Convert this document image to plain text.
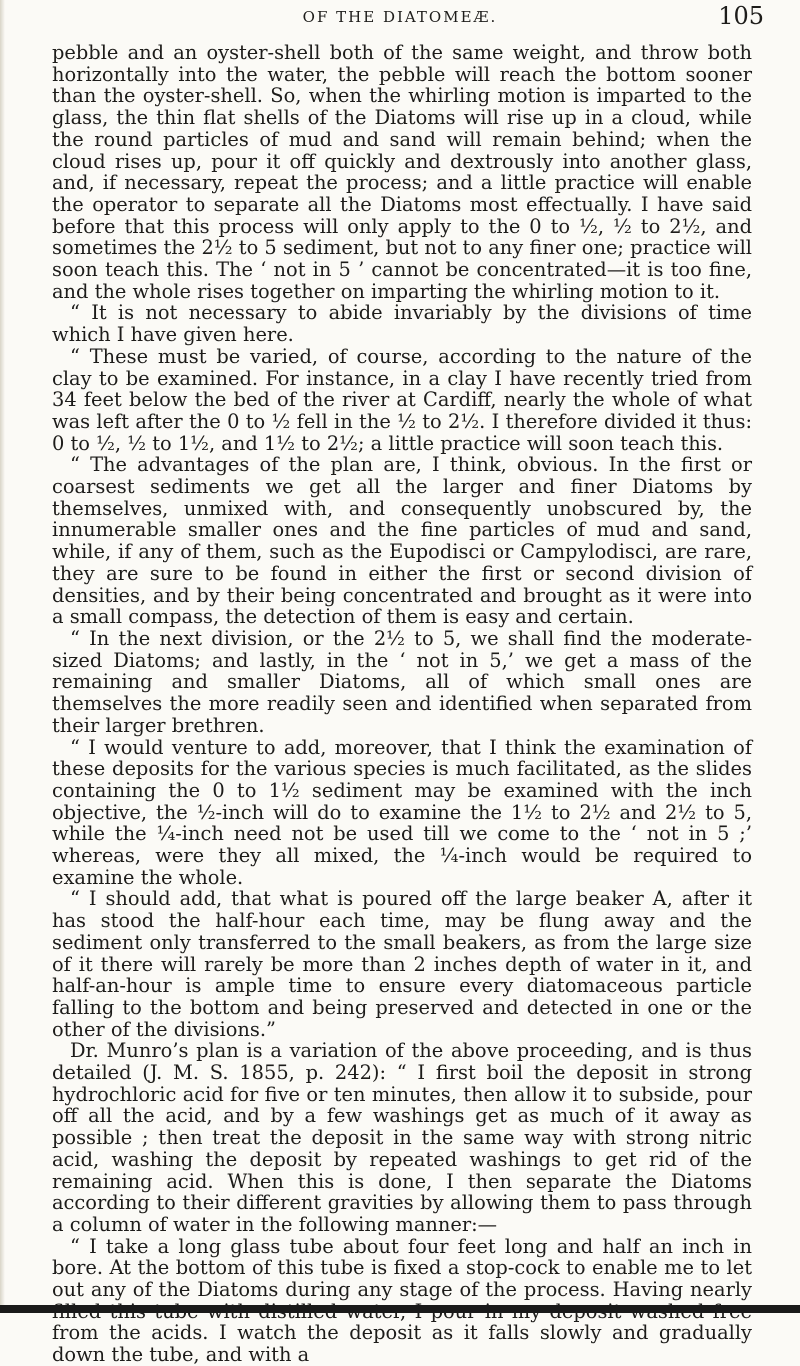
OF THE DIATOMEÆ.	105

pebble and an oyster-shell both of the same weight, and throw both horizontally into the water, the pebble will reach the bottom sooner than the oyster-shell. So, when the whirling motion is imparted to the glass, the thin flat shells of the Diatoms will rise up in a cloud, while the round particles of mud and sand will remain behind; when the cloud rises up, pour it off quickly and dextrously into another glass, and, if necessary, repeat the process; and a little practice will enable the operator to separate all the Diatoms most effectually. I have said before that this process will only apply to the 0 to ½, ½ to 2½, and sometimes the 2½ to 5 sediment, but not to any finer one; practice will soon teach this. The ‘ not in 5 ’ cannot be concentrated—it is too fine, and the whole rises together on imparting the whirling motion to it.

“ It is not necessary to abide invariably by the divisions of time which I have given here.

“ These must be varied, of course, according to the nature of the clay to be examined. For instance, in a clay I have recently tried from 34 feet below the bed of the river at Cardiff, nearly the whole of what was left after the 0 to ½ fell in the ½ to 2½. I therefore divided it thus: 0 to ½, ½ to 1½, and 1½ to 2½; a little practice will soon teach this.

“ The advantages of the plan are, I think, obvious. In the first or coarsest sediments we get all the larger and finer Diatoms by themselves, unmixed with, and consequently unobscured by, the innumerable smaller ones and the fine particles of mud and sand, while, if any of them, such as the Eupodisci or Campylodisci, are rare, they are sure to be found in either the first or second division of densities, and by their being concentrated and brought as it were into a small compass, the detection of them is easy and certain.

“ In the next division, or the 2½ to 5, we shall find the moderate-sized Diatoms; and lastly, in the ‘ not in 5,’ we get a mass of the remaining and smaller Diatoms, all of which small ones are themselves the more readily seen and identified when separated from their larger brethren.

“ I would venture to add, moreover, that I think the examination of these deposits for the various species is much facilitated, as the slides containing the 0 to 1½ sediment may be examined with the inch objective, the ½-inch will do to examine the 1½ to 2½ and 2½ to 5, while the ¼-inch need not be used till we come to the ‘ not in 5 ;’ whereas, were they all mixed, the ¼-inch would be required to examine the whole.

“ I should add, that what is poured off the large beaker A, after it has stood the half-hour each time, may be flung away and the sediment only transferred to the small beakers, as from the large size of it there will rarely be more than 2 inches depth of water in it, and half-an-hour is ample time to ensure every diatomaceous particle falling to the bottom and being preserved and detected in one or the other of the divisions.”

Dr. Munro’s plan is a variation of the above proceeding, and is thus detailed (J. M. S. 1855, p. 242): “ I first boil the deposit in strong hydrochloric acid for five or ten minutes, then allow it to subside, pour off all the acid, and by a few washings get as much of it away as possible ; then treat the deposit in the same way with strong nitric acid, washing the deposit by repeated washings to get rid of the remaining acid. When this is done, I then separate the Diatoms according to their different gravities by allowing them to pass through a column of water in the following manner:—

“ I take a long glass tube about four feet long and half an inch in bore. At the bottom of this tube is fixed a stop-cock to enable me to let out any of the Diatoms during any stage of the process. Having nearly from the acids. I watch the deposit as it falls slowly and gradually down the tube, and with a
